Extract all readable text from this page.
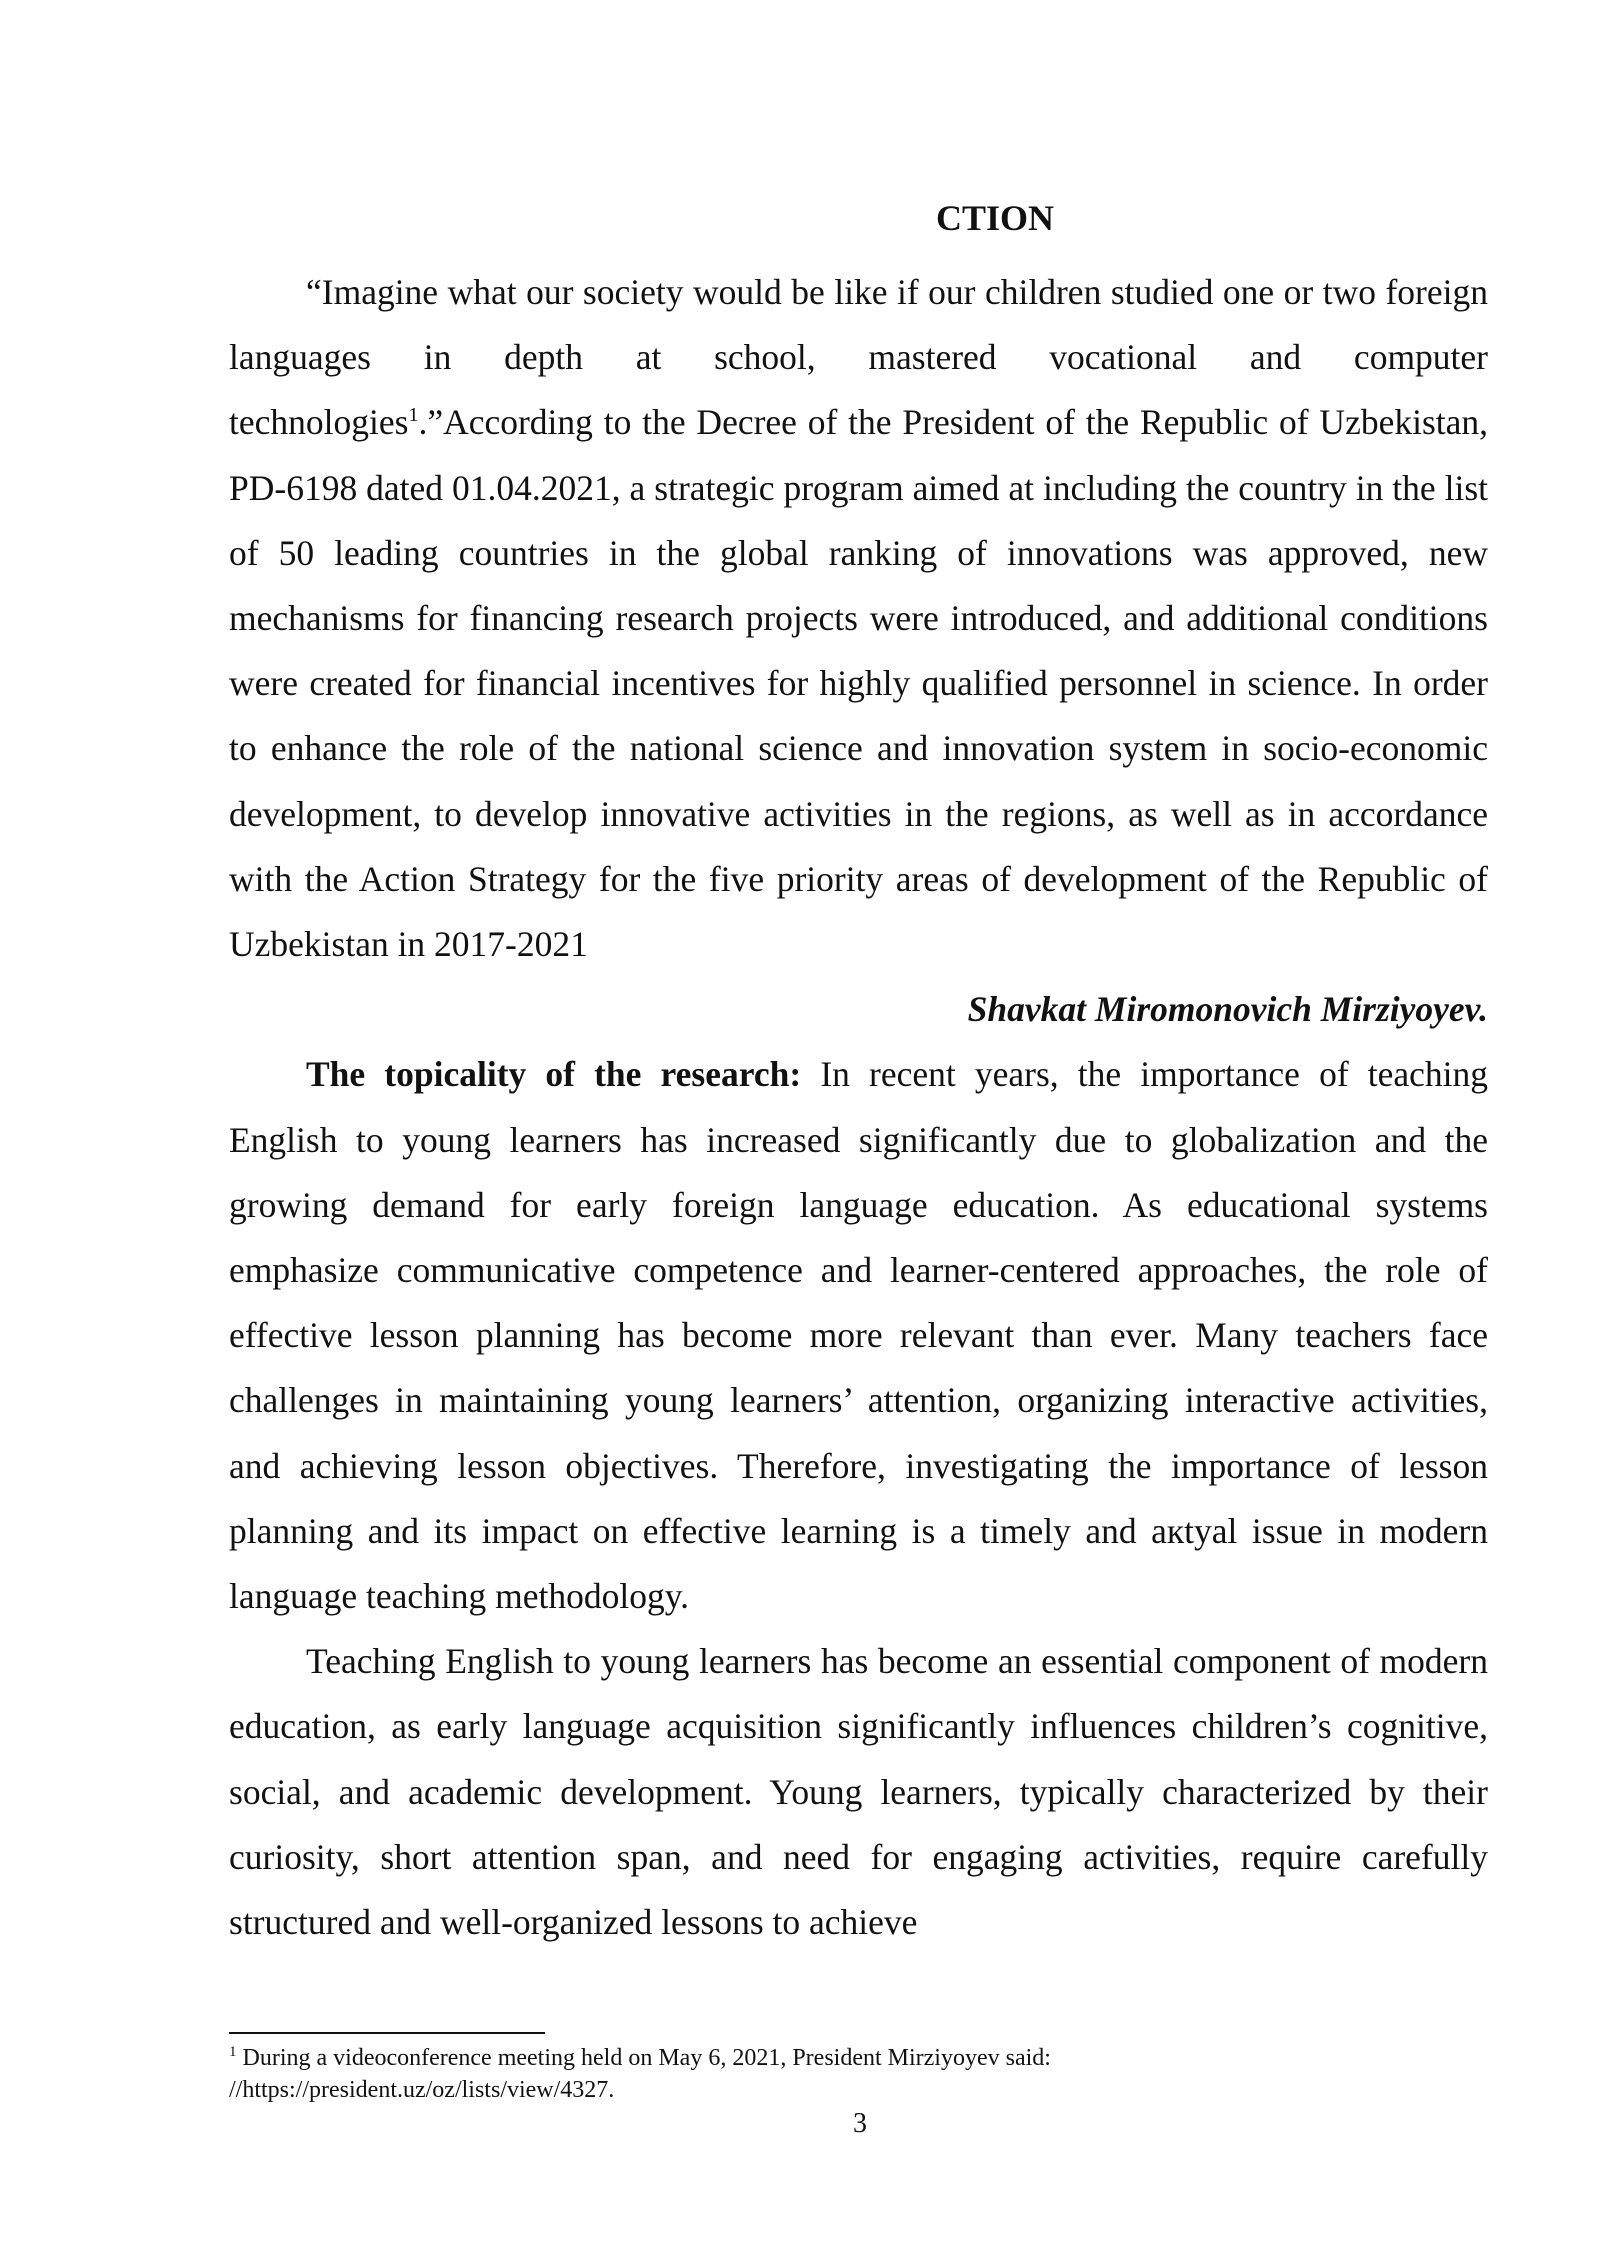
CTION

“Imagine what our society would be like if our children studied one or two foreign languages in depth at school, mastered vocational and computer technologies$^1$.”According to the Decree of the President of the Republic of Uzbekistan, PD-6198 dated 01.04.2021, a strategic program aimed at including the country in the list of 50 leading countries in the global ranking of innovations was approved, new mechanisms for financing research projects were introduced, and additional conditions were created for financial incentives for highly qualified personnel in science. In order to enhance the role of the national science and innovation system in socio-economic development, to develop innovative activities in the regions, as well as in accordance with the Action Strategy for the five priority areas of development of the Republic of Uzbekistan in 2017-2021

Shavkat Miromonovich Mirziyoyev.

The topicality of the research: In recent years, the importance of teaching English to young learners has increased significantly due to globalization and the growing demand for early foreign language education. As educational systems emphasize communicative competence and learner-centered approaches, the role of effective lesson planning has become more relevant than ever. Many teachers face challenges in maintaining young learners’ attention, organizing interactive activities, and achieving lesson objectives. Therefore, investigating the importance of lesson planning and its impact on effective learning is a timely and акtyal issue in modern language teaching methodology.

Teaching English to young learners has become an essential component of modern education, as early language acquisition significantly influences children’s cognitive, social, and academic development. Young learners, typically characterized by their curiosity, short attention span, and need for engaging activities, require carefully structured and well-organized lessons to achieve

$^1$ During a videoconference meeting held on May 6, 2021, President Mirziyoyev said:
//https://president.uz/oz/lists/view/4327.
3
